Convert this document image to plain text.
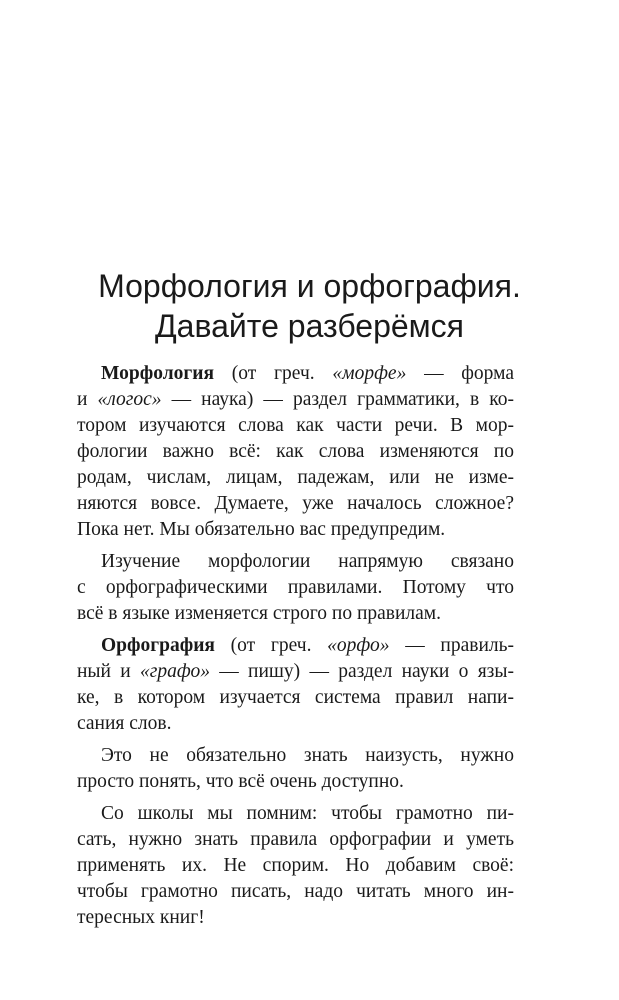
Морфология и орфография.
Давайте разберёмся

Морфология (от греч. «морфе» — форма
и «логос» — наука) — раздел грамматики, в ко-
тором изучаются слова как части речи. В мор-
фологии важно всё: как слова изменяются по
родам, числам, лицам, падежам, или не изме-
няются вовсе. Думаете, уже началось сложное?
Пока нет. Мы обязательно вас предупредим.

Изучение морфологии напрямую связано
с орфографическими правилами. Потому что
всё в языке изменяется строго по правилам.

Орфография (от греч. «орфо» — правиль-
ный и «графо» — пишу) — раздел науки о язы-
ке, в котором изучается система правил напи-
сания слов.

Это не обязательно знать наизусть, нужно
просто понять, что всё очень доступно.

Со школы мы помним: чтобы грамотно пи-
сать, нужно знать правила орфографии и уметь
применять их. Не спорим. Но добавим своё:
чтобы грамотно писать, надо читать много ин-
тересных книг!
